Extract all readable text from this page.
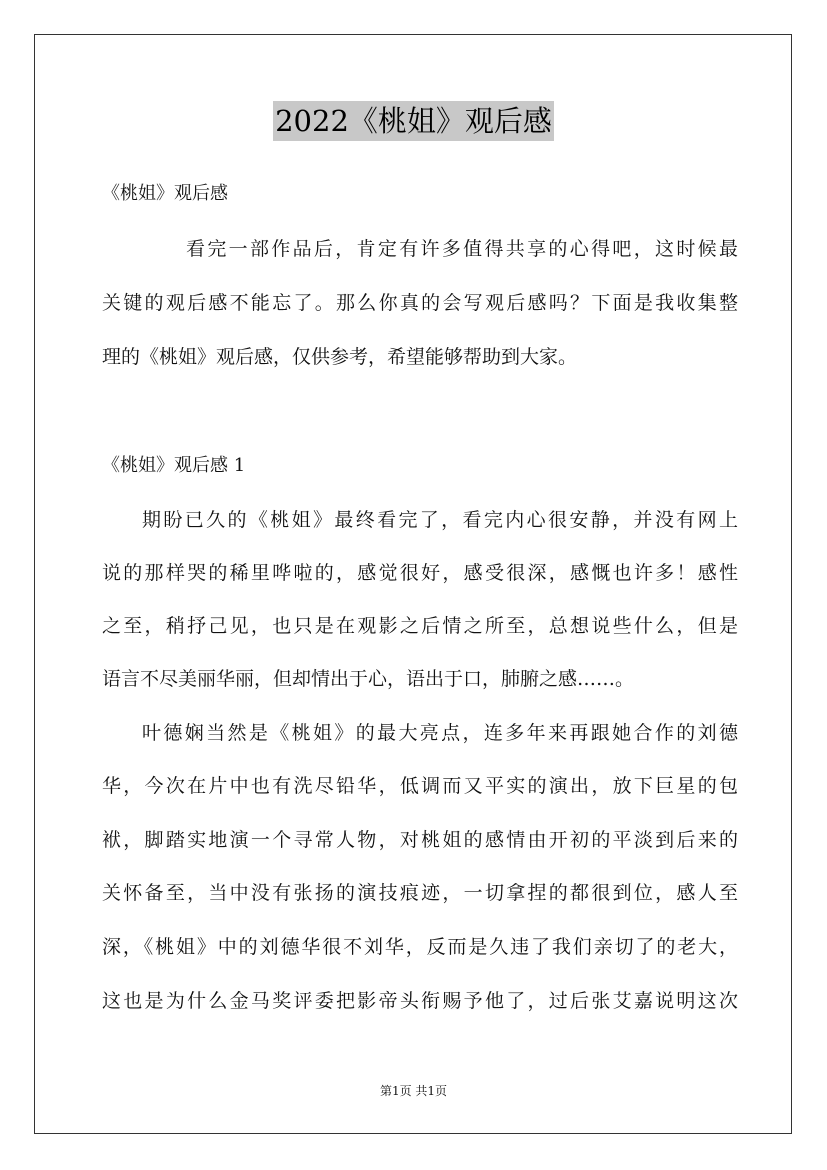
2022《桃姐》观后感
《桃姐》观后感
看完一部作品后，肯定有许多值得共享的心得吧，这时候最
关键的观后感不能忘了。那么你真的会写观后感吗？下面是我收集整
理的《桃姐》观后感，仅供参考，希望能够帮助到大家。
《桃姐》观后感 1
期盼已久的《桃姐》最终看完了，看完内心很安静，并没有网上
说的那样哭的稀里哗啦的，感觉很好，感受很深，感慨也许多！感性
之至，稍抒己见，也只是在观影之后情之所至，总想说些什么，但是
语言不尽美丽华丽，但却情出于心，语出于口，肺腑之感……。
叶德娴当然是《桃姐》的最大亮点，连多年来再跟她合作的刘德
华，今次在片中也有洗尽铅华，低调而又平实的演出，放下巨星的包
袱，脚踏实地演一个寻常人物，对桃姐的感情由开初的平淡到后来的
关怀备至，当中没有张扬的演技痕迹，一切拿捏的都很到位，感人至
深，《桃姐》中的刘德华很不刘华，反而是久违了我们亲切了的老大，
这也是为什么金马奖评委把影帝头衔赐予他了，过后张艾嘉说明这次
第1页 共1页
